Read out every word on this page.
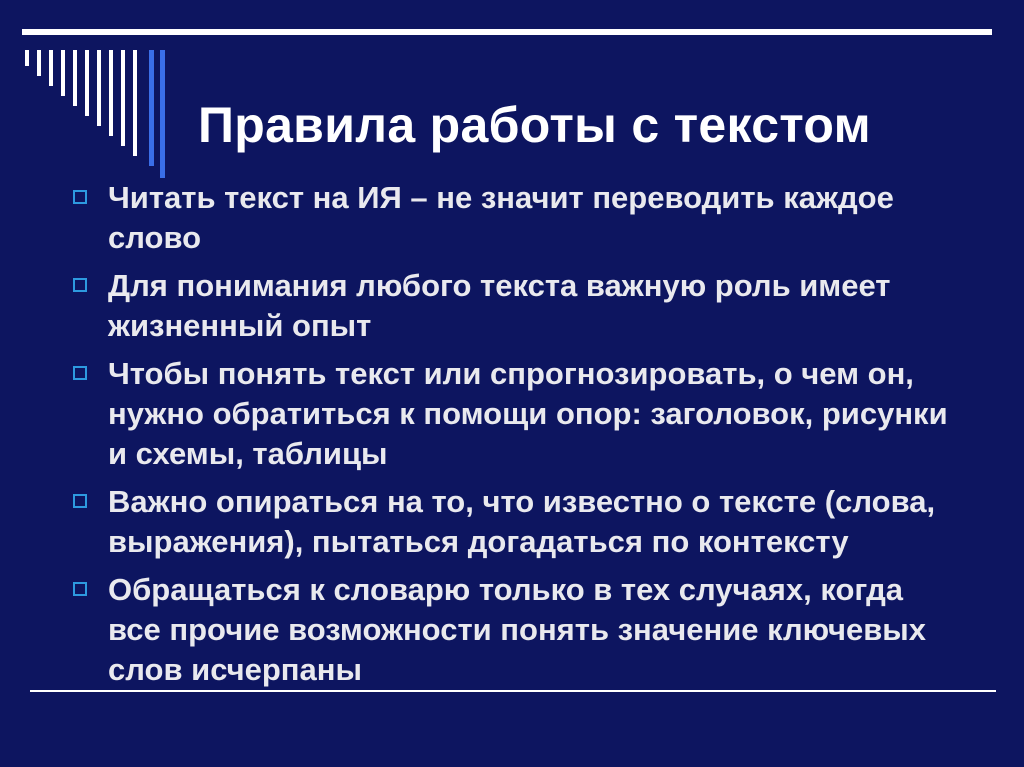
Правила работы с текстом
Читать текст на ИЯ – не значит переводить каждое слово
Для понимания любого текста важную роль имеет жизненный опыт
Чтобы понять текст или спрогнозировать, о чем он, нужно обратиться к помощи опор: заголовок, рисунки и схемы, таблицы
Важно опираться на то, что известно о тексте (слова, выражения), пытаться догадаться по контексту
Обращаться к словарю только в тех случаях, когда все прочие возможности понять значение ключевых слов исчерпаны
